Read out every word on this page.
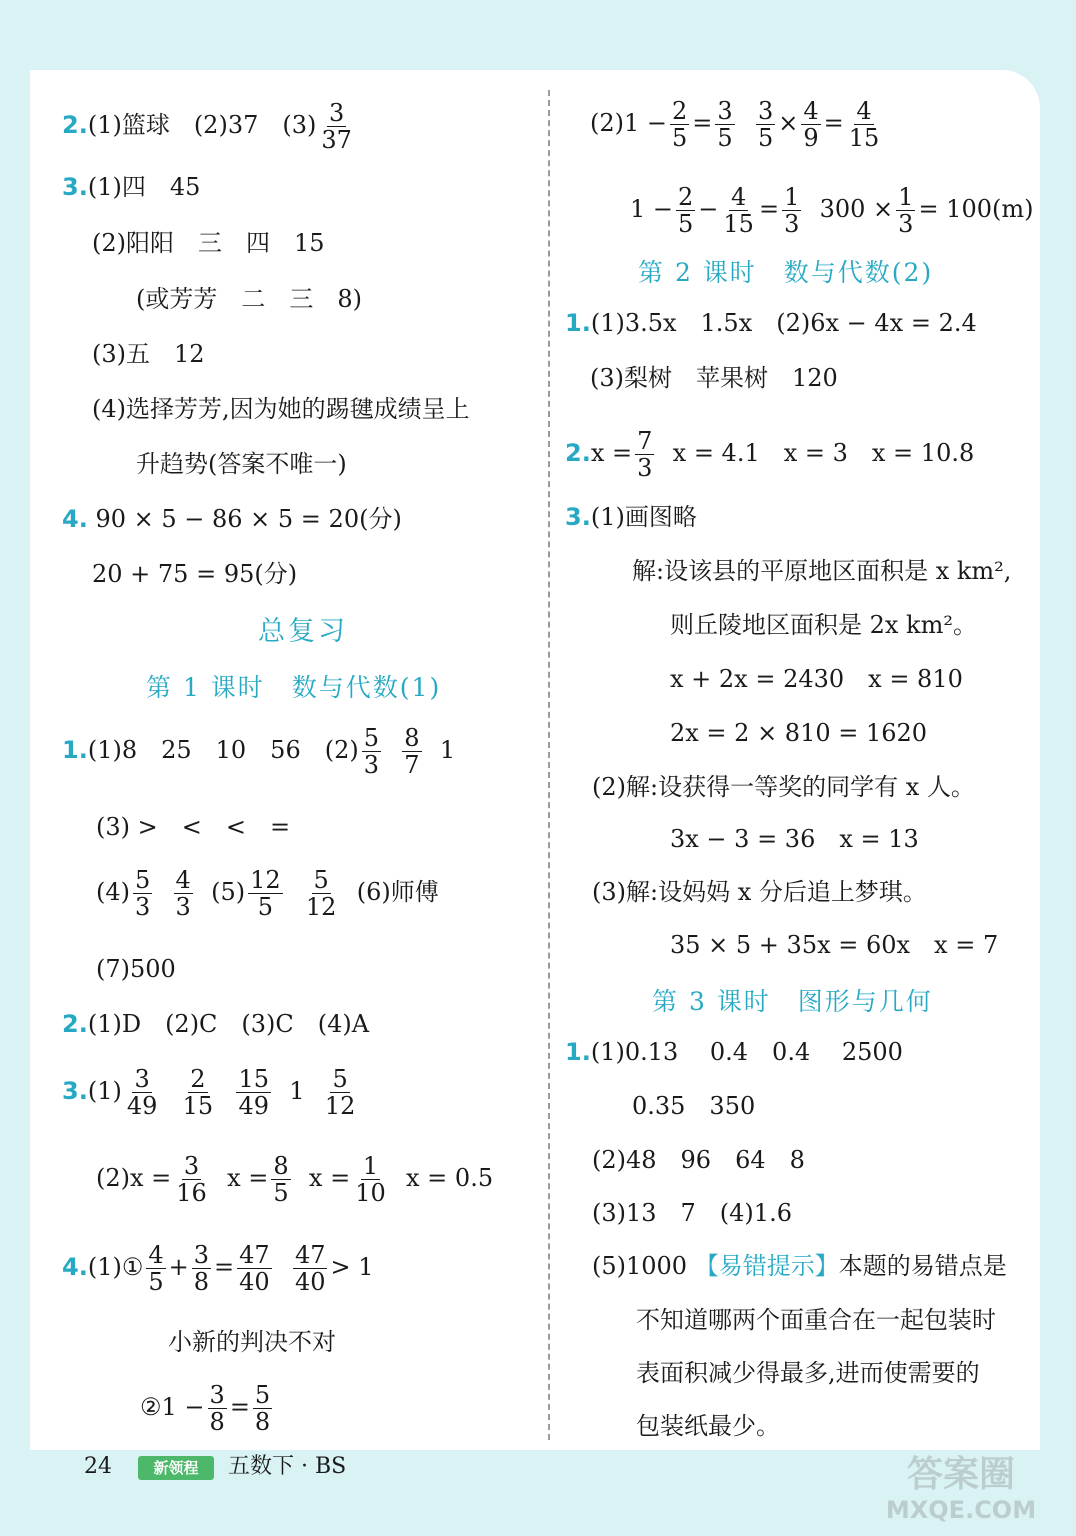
2.(1)篮球　(2)37　$(3) \frac{3}{37}$
3.(1)四　45
(2)阳阳　三　四　15
(或芳芳　二　三　8)
(3)五　12
(4)选择芳芳,因为她的踢毽成绩呈上
升趋势(答案不唯一)
4. 90 × 5 − 86 × 5 = 20(分)
20 + 75 = 95(分)
总复习
第 1 课时　数与代数(1)
1.(1)8　25　10　56　$(2) \frac{5}{3}$
$\frac{8}{7} 1$
(3) >　<　<　=
$(4) \frac{5}{3}$
$\frac{4}{3} (5) \frac{12}{5}$
$\frac{5}{12} (6)$师傅
(7)500
2.(1)D　(2)C　(3)C　(4)A
$3.(1) \frac{3}{49}$
$\frac{2}{15}$
$\frac{15}{49} 1 \frac{5}{12}$
$(2)x = \frac{3}{16}$ $x = \frac{8}{5}$ $x = \frac{1}{10}$ x = 0.5
4.(1)① $\frac{4}{5} + \frac{3}{8} = \frac{47}{40}$
$\frac{47}{40} > 1$
小新的判决不对
②1 − $\frac{3}{8} = \frac{5}{8}$
$(2)1 - \frac{2}{5} = \frac{3}{5}$
$\frac{3}{5} \times \frac{4}{9} = \frac{4}{15}$
$1 - \frac{2}{5} - \frac{4}{15} = \frac{1}{3} 300 \times \frac{1}{3} = 100(m)$
第 2 课时　数与代数(2)
1.(1)3.5x　1.5x　(2)6x − 4x = 2.4
(3)梨树　苹果树　120
$2.x = \frac{7}{3}$ x = 4.1　x = 3　x = 10.8
3.(1)画图略
解:设该县的平原地区面积是 x km²,
则丘陵地区面积是 2x km²。
x + 2x = 2430　x = 810
2x = 2 × 810 = 1620
(2)解:设获得一等奖的同学有 x 人。
3x − 3 = 36　x = 13
(3)解:设妈妈 x 分后追上梦琪。
35 × 5 + 35x = 60x　x = 7
第 3 课时　图形与几何
1.(1)0.13　 0.4　0.4　 2500
0.35　350
(2)48　96　64　8
(3)13　7　(4)1.6
(5)1000 【易错提示】本题的易错点是
不知道哪两个面重合在一起包装时
表面积减少得最多,进而使需要的
包装纸最少。
24	新领程	五数下 · BS	答案圈
MXQE.COM
